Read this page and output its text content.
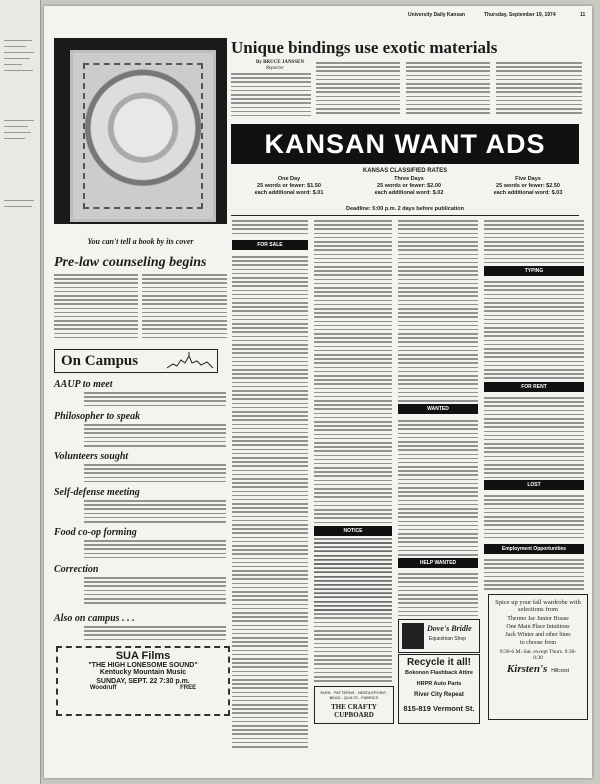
University Daily Kansan	Thursday, September 19, 1974	11
You can't tell a book by its cover
Unique bindings use exotic materials
By BRUCE JANSSEN
Reporter
KANSAN WANT ADS
KANSAS CLASSIFIED RATES
One Day
25 words or fewer: $1.50
each additional word: $.01
Three Days
25 words or fewer: $2.00
each additional word: $.02
Five Days
25 words or fewer: $2.50
each additional word: $.03
Deadline: 5:00 p.m. 2 days before publication
Pre-law counseling begins
On Campus
AAUP to meet
Philosopher to speak
Volunteers sought
Self-defense meeting
Food co-op forming
Correction
Also on campus . . .
SUA Films
"THE HIGH LONESOME SOUND"
Kentucky Mountain Music
SUNDAY, SEPT. 22 7:30 p.m.
Woodruff	FREE
FOR SALE
NOTICE
YARN . PATTERNS . NEEDLEPOINT . BEAD . QUILTS . FABRICS
THE CRAFTY CUPBOARD
WANTED
HELP WANTED
Dove's Bridle
Equestrian Shop
Recycle it all!
Bokonon Flashback Attire
HRPR Auto Parts
River City Repeat
815-819 Vermont St.
TYPING
FOR RENT
LOST
Employment Opportunities
Spice up your fall wardrobe with selections from
Thermo Jac Junior House One Main Place Intuitions Jack Winter and other lines to choose from
9:30-6 M.-Sat. except Thurs. 9:30-8:30
Kirsten's Hillcrest
